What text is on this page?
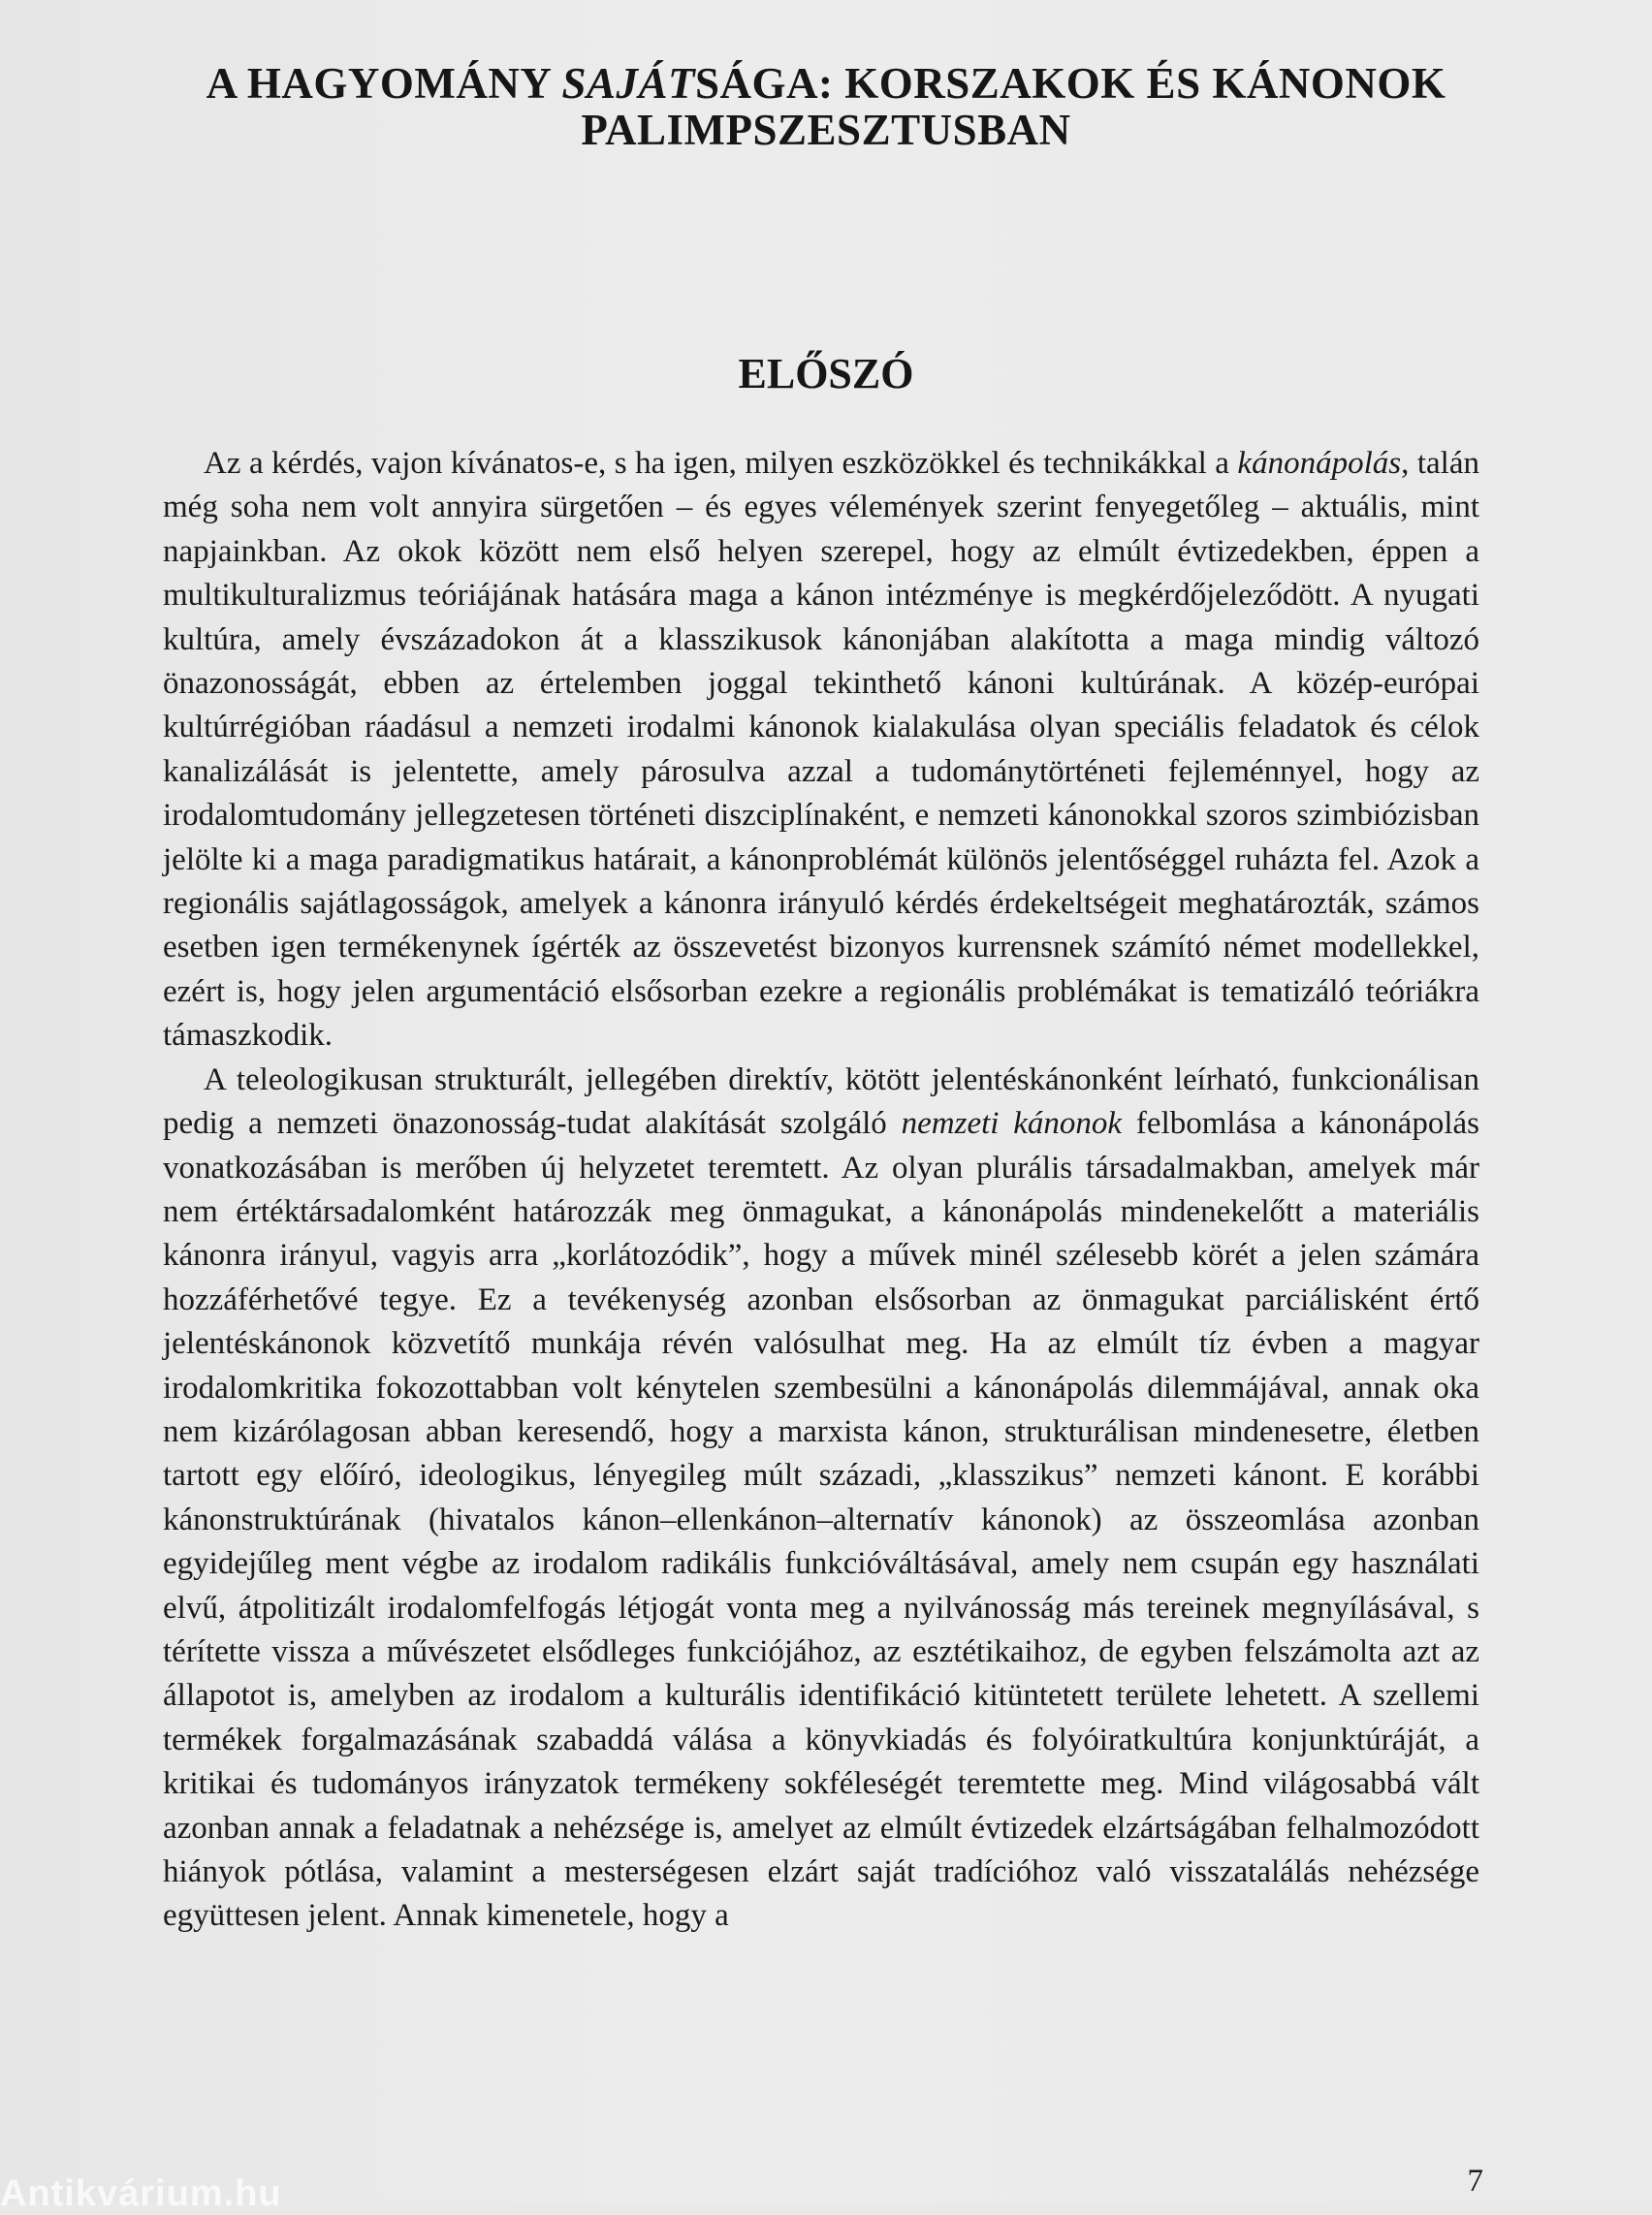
A HAGYOMÁNY SAJÁTSÁGA: KORSZAKOK ÉS KÁNONOK
PALIMPSZESZTUSBAN
ELŐSZÓ

Az a kérdés, vajon kívánatos-e, s ha igen, milyen eszközökkel és technikákkal a kánonápolás, talán még soha nem volt annyira sürgetően – és egyes vélemények szerint fenyegetőleg – aktuális, mint napjainkban. Az okok között nem első helyen szerepel, hogy az elmúlt évtizedekben, éppen a multikulturalizmus teóriájának hatására maga a kánon intézménye is megkérdőjeleződött. A nyugati kultúra, amely évszázadokon át a klasszikusok kánonjában alakította a maga mindig változó önazonosságát, ebben az értelemben joggal tekinthető kánoni kultúrának. A közép-európai kultúrrégióban ráadásul a nemzeti irodalmi kánonok kialakulása olyan speciális feladatok és célok kanalizálását is jelentette, amely párosulva azzal a tudománytörténeti fejleménnyel, hogy az irodalomtudomány jellegzetesen történeti diszciplínaként, e nemzeti kánonokkal szoros szimbiózisban jelölte ki a maga paradigmatikus határait, a kánonproblémát különös jelentőséggel ruházta fel. Azok a regionális sajátlagosságok, amelyek a kánonra irányuló kérdés érdekeltségeit meghatározták, számos esetben igen termékenynek ígérték az összevetést bizonyos kurrensnek számító német modellekkel, ezért is, hogy jelen argumentáció elsősorban ezekre a regionális problémákat is tematizáló teóriákra támaszkodik.

A teleologikusan strukturált, jellegében direktív, kötött jelentéskánonként leírható, funkcionálisan pedig a nemzeti önazonosság-tudat alakítását szolgáló nemzeti kánonok felbomlása a kánonápolás vonatkozásában is merőben új helyzetet teremtett. Az olyan plurális társadalmakban, amelyek már nem értéktársadalomként határozzák meg önmagukat, a kánonápolás mindenekelőtt a materiális kánonra irányul, vagyis arra „korlátozódik”, hogy a művek minél szélesebb körét a jelen számára hozzáférhetővé tegye. Ez a tevékenység azonban elsősorban az önmagukat parciálisként értő jelentéskánonok közvetítő munkája révén valósulhat meg. Ha az elmúlt tíz évben a magyar irodalomkritika fokozottabban volt kénytelen szembesülni a kánonápolás dilemmájával, annak oka nem kizárólagosan abban keresendő, hogy a marxista kánon, strukturálisan mindenesetre, életben tartott egy előíró, ideologikus, lényegileg múlt századi, „klasszikus” nemzeti kánont. E korábbi kánonstruktúrának (hivatalos kánon–ellenkánon–alternatív kánonok) az összeomlása azonban egyidejűleg ment végbe az irodalom radikális funkcióváltásával, amely nem csupán egy használati elvű, átpolitizált irodalomfelfogás létjogát vonta meg a nyilvánosság más tereinek megnyílásával, s térítette vissza a művészetet elsődleges funkciójához, az esztétikaihoz, de egyben felszámolta azt az állapotot is, amelyben az irodalom a kulturális identifikáció kitüntetett területe lehetett. A szellemi termékek forgalmazásának szabaddá válása a könyvkiadás és folyóiratkultúra konjunktúráját, a kritikai és tudományos irányzatok termékeny sokféleségét teremtette meg. Mind világosabbá vált azonban annak a feladatnak a nehézsége is, amelyet az elmúlt évtizedek elzártságában felhalmozódott hiányok pótlása, valamint a mesterségesen elzárt saját tradícióhoz való visszatalálás nehézsége együttesen jelent. Annak kimenetele, hogy a

7
Antikvárium.hu
